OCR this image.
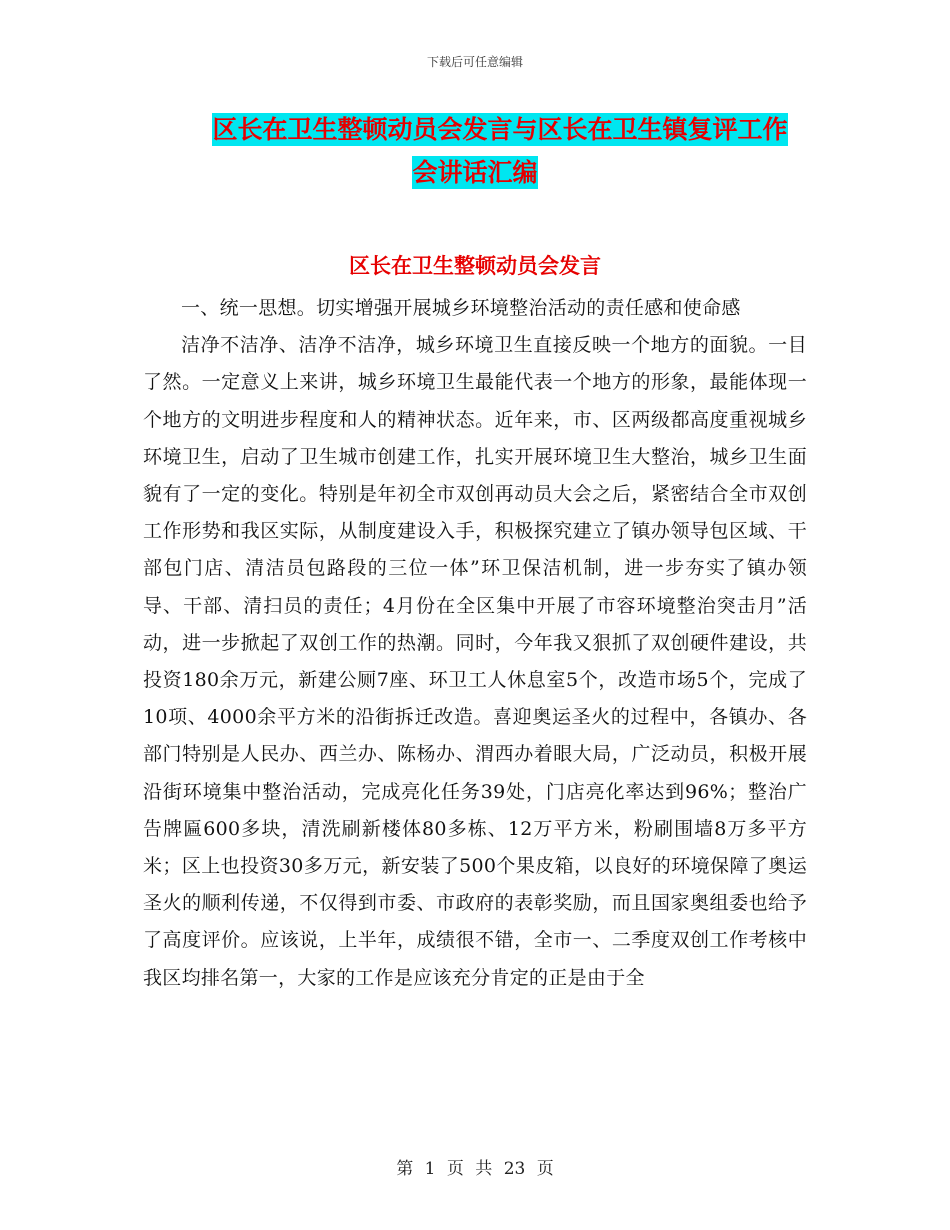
下载后可任意编辑
区长在卫生整顿动员会发言与区长在卫生镇复评工作
会讲话汇编
区长在卫生整顿动员会发言

一、统一思想。切实增强开展城乡环境整治活动的责任感和使命感

洁净不洁净、洁净不洁净，城乡环境卫生直接反映一个地方的面貌。一目了然。一定意义上来讲，城乡环境卫生最能代表一个地方的形象，最能体现一个地方的文明进步程度和人的精神状态。近年来，市、区两级都高度重视城乡环境卫生，启动了卫生城市创建工作，扎实开展环境卫生大整治，城乡卫生面貌有了一定的变化。特别是年初全市双创再动员大会之后，紧密结合全市双创工作形势和我区实际，从制度建设入手，积极探究建立了镇办领导包区域、干部包门店、清洁员包路段的三位一体”环卫保洁机制，进一步夯实了镇办领导、干部、清扫员的责任；4月份在全区集中开展了市容环境整治突击月”活动，进一步掀起了双创工作的热潮。同时，今年我又狠抓了双创硬件建设，共投资180余万元，新建公厕7座、环卫工人休息室5个，改造市场5个，完成了10项、4000余平方米的沿街拆迁改造。喜迎奥运圣火的过程中，各镇办、各部门特别是人民办、西兰办、陈杨办、渭西办着眼大局，广泛动员，积极开展沿街环境集中整治活动，完成亮化任务39处，门店亮化率达到96%；整治广告牌匾600多块，清洗刷新楼体80多栋、12万平方米，粉刷围墙8万多平方米；区上也投资30多万元，新安装了500个果皮箱，以良好的环境保障了奥运圣火的顺利传递，不仅得到市委、市政府的表彰奖励，而且国家奥组委也给予了高度评价。应该说，上半年，成绩很不错，全市一、二季度双创工作考核中我区均排名第一，大家的工作是应该充分肯定的正是由于全

第 1 页 共 23 页
